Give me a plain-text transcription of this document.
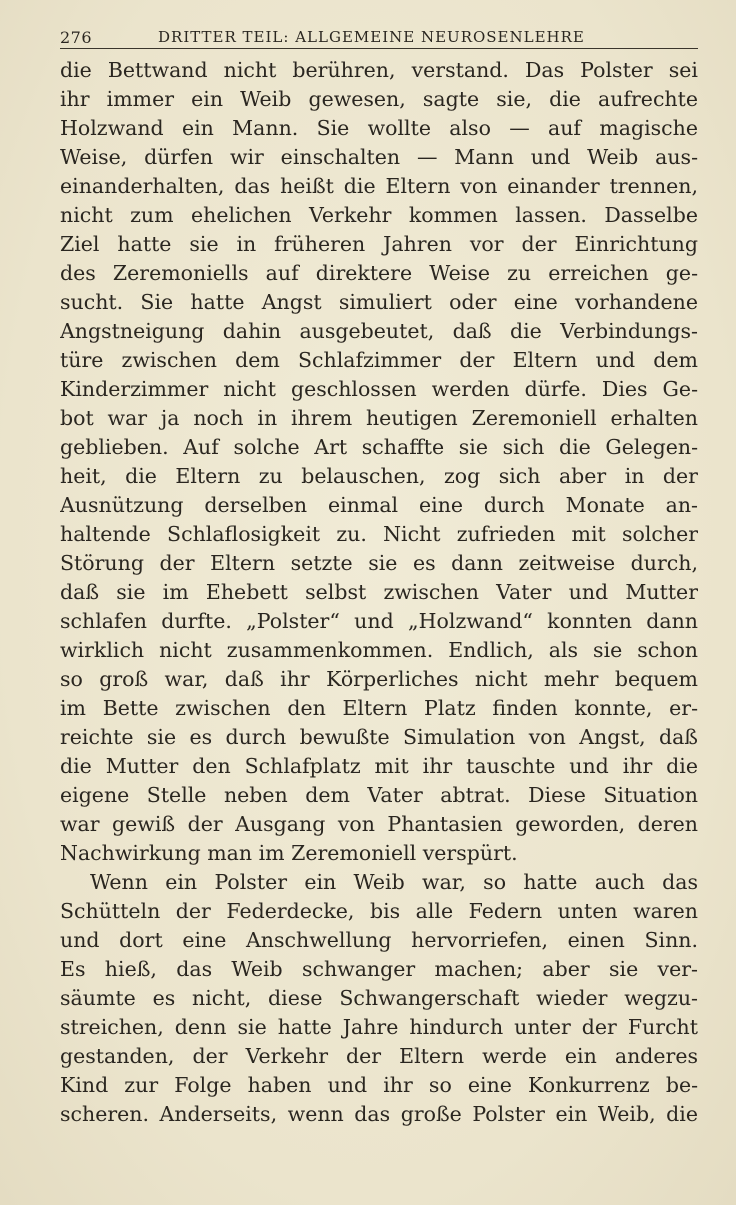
276	DRITTER TEIL: ALLGEMEINE NEUROSENLEHRE
die Bettwand nicht berühren, verstand. Das Polster sei
ihr immer ein Weib gewesen, sagte sie, die aufrechte
Holzwand ein Mann. Sie wollte also — auf magische
Weise, dürfen wir einschalten — Mann und Weib aus-
einanderhalten, das heißt die Eltern von einander trennen,
nicht zum ehelichen Verkehr kommen lassen. Dasselbe
Ziel hatte sie in früheren Jahren vor der Einrichtung
des Zeremoniells auf direktere Weise zu erreichen ge-
sucht. Sie hatte Angst simuliert oder eine vorhandene
Angstneigung dahin ausgebeutet, daß die Verbindungs-
türe zwischen dem Schlafzimmer der Eltern und dem
Kinderzimmer nicht geschlossen werden dürfe. Dies Ge-
bot war ja noch in ihrem heutigen Zeremoniell erhalten
geblieben. Auf solche Art schaffte sie sich die Gelegen-
heit, die Eltern zu belauschen, zog sich aber in der
Ausnützung derselben einmal eine durch Monate an-
haltende Schlaflosigkeit zu. Nicht zufrieden mit solcher
Störung der Eltern setzte sie es dann zeitweise durch,
daß sie im Ehebett selbst zwischen Vater und Mutter
schlafen durfte. „Polster“ und „Holzwand“ konnten dann
wirklich nicht zusammenkommen. Endlich, als sie schon
so groß war, daß ihr Körperliches nicht mehr bequem
im Bette zwischen den Eltern Platz finden konnte, er-
reichte sie es durch bewußte Simulation von Angst, daß
die Mutter den Schlafplatz mit ihr tauschte und ihr die
eigene Stelle neben dem Vater abtrat. Diese Situation
war gewiß der Ausgang von Phantasien geworden, deren
Nachwirkung man im Zeremoniell verspürt.
Wenn ein Polster ein Weib war, so hatte auch das
Schütteln der Federdecke, bis alle Federn unten waren
und dort eine Anschwellung hervorriefen, einen Sinn.
Es hieß, das Weib schwanger machen; aber sie ver-
säumte es nicht, diese Schwangerschaft wieder wegzu-
streichen, denn sie hatte Jahre hindurch unter der Furcht
gestanden, der Verkehr der Eltern werde ein anderes
Kind zur Folge haben und ihr so eine Konkurrenz be-
scheren. Anderseits, wenn das große Polster ein Weib, die
